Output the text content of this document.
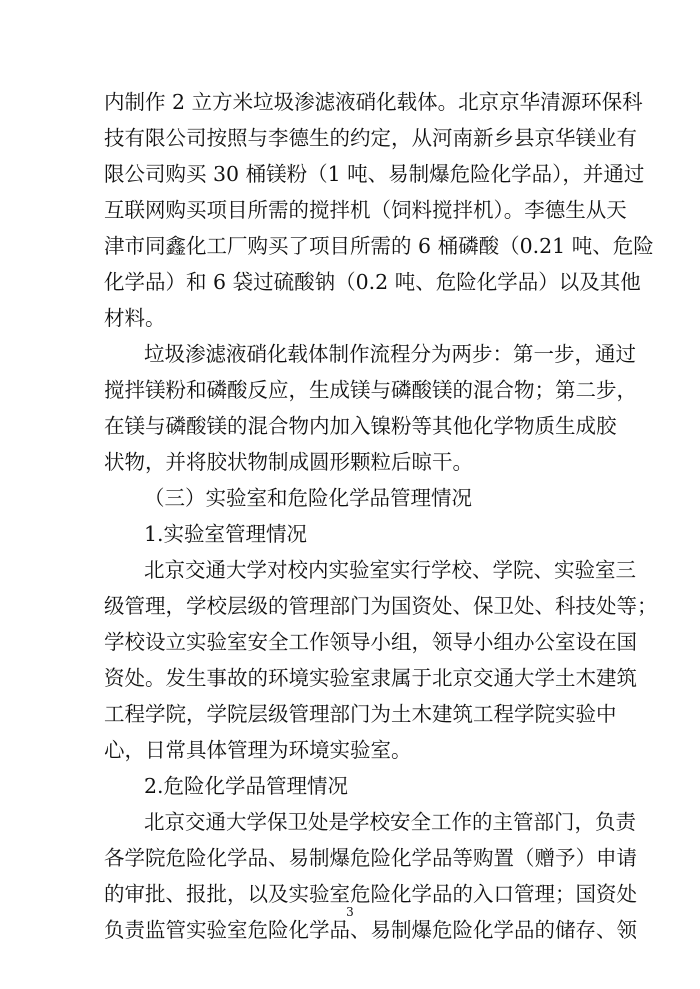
内制作 2 立方米垃圾渗滤液硝化载体。北京京华清源环保科
技有限公司按照与李德生的约定，从河南新乡县京华镁业有
限公司购买 30 桶镁粉（1 吨、易制爆危险化学品），并通过
互联网购买项目所需的搅拌机（饲料搅拌机）。李德生从天
津市同鑫化工厂购买了项目所需的 6 桶磷酸（0.21 吨、危险
化学品）和 6 袋过硫酸钠（0.2 吨、危险化学品）以及其他
材料。
垃圾渗滤液硝化载体制作流程分为两步：第一步，通过
搅拌镁粉和磷酸反应，生成镁与磷酸镁的混合物；第二步，
在镁与磷酸镁的混合物内加入镍粉等其他化学物质生成胶
状物，并将胶状物制成圆形颗粒后晾干。
（三）实验室和危险化学品管理情况
1.实验室管理情况
北京交通大学对校内实验室实行学校、学院、实验室三
级管理，学校层级的管理部门为国资处、保卫处、科技处等；
学校设立实验室安全工作领导小组，领导小组办公室设在国
资处。发生事故的环境实验室隶属于北京交通大学土木建筑
工程学院，学院层级管理部门为土木建筑工程学院实验中
心，日常具体管理为环境实验室。
2.危险化学品管理情况
北京交通大学保卫处是学校安全工作的主管部门，负责
各学院危险化学品、易制爆危险化学品等购置（赠予）申请
的审批、报批，以及实验室危险化学品的入口管理；国资处
负责监管实验室危险化学品、易制爆危险化学品的储存、领
3
